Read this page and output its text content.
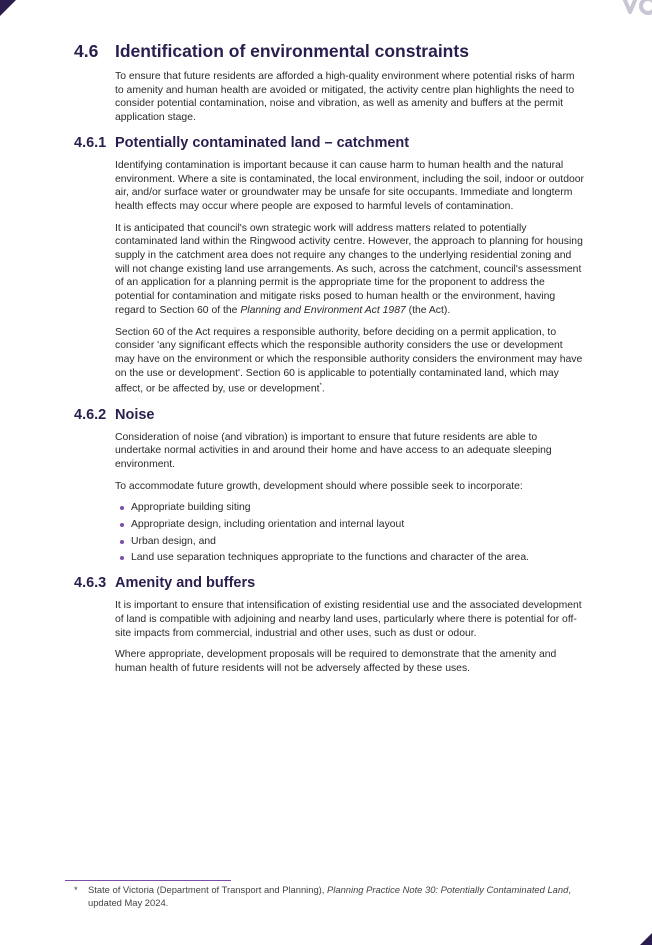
4.6 Identification of environmental constraints

To ensure that future residents are afforded a high-quality environment where potential risks of harm to amenity and human health are avoided or mitigated, the activity centre plan highlights the need to consider potential contamination, noise and vibration, as well as amenity and buffers at the permit application stage.

4.6.1 Potentially contaminated land – catchment

Identifying contamination is important because it can cause harm to human health and the natural environment. Where a site is contaminated, the local environment, including the soil, indoor or outdoor air, and/or surface water or groundwater may be unsafe for site occupants. Immediate and longterm health effects may occur where people are exposed to harmful levels of contamination.

It is anticipated that council's own strategic work will address matters related to potentially contaminated land within the Ringwood activity centre. However, the approach to planning for housing supply in the catchment area does not require any changes to the underlying residential zoning and will not change existing land use arrangements. As such, across the catchment, council's assessment of an application for a planning permit is the appropriate time for the proponent to address the potential for contamination and mitigate risks posed to human health or the environment, having regard to Section 60 of the Planning and Environment Act 1987 (the Act).

Section 60 of the Act requires a responsible authority, before deciding on a permit application, to consider 'any significant effects which the responsible authority considers the use or development may have on the environment or which the responsible authority considers the environment may have on the use or development'. Section 60 is applicable to potentially contaminated land, which may affect, or be affected by, use or development*.

4.6.2 Noise

Consideration of noise (and vibration) is important to ensure that future residents are able to undertake normal activities in and around their home and have access to an adequate sleeping environment.

To accommodate future growth, development should where possible seek to incorporate:

Appropriate building siting
Appropriate design, including orientation and internal layout
Urban design, and
Land use separation techniques appropriate to the functions and character of the area.
4.6.3 Amenity and buffers

It is important to ensure that intensification of existing residential use and the associated development of land is compatible with adjoining and nearby land uses, particularly where there is potential for off-site impacts from commercial, industrial and other uses, such as dust or odour.

Where appropriate, development proposals will be required to demonstrate that the amenity and human health of future residents will not be adversely affected by these uses.

*	State of Victoria (Department of Transport and Planning), Planning Practice Note 30: Potentially Contaminated Land, updated May 2024.
